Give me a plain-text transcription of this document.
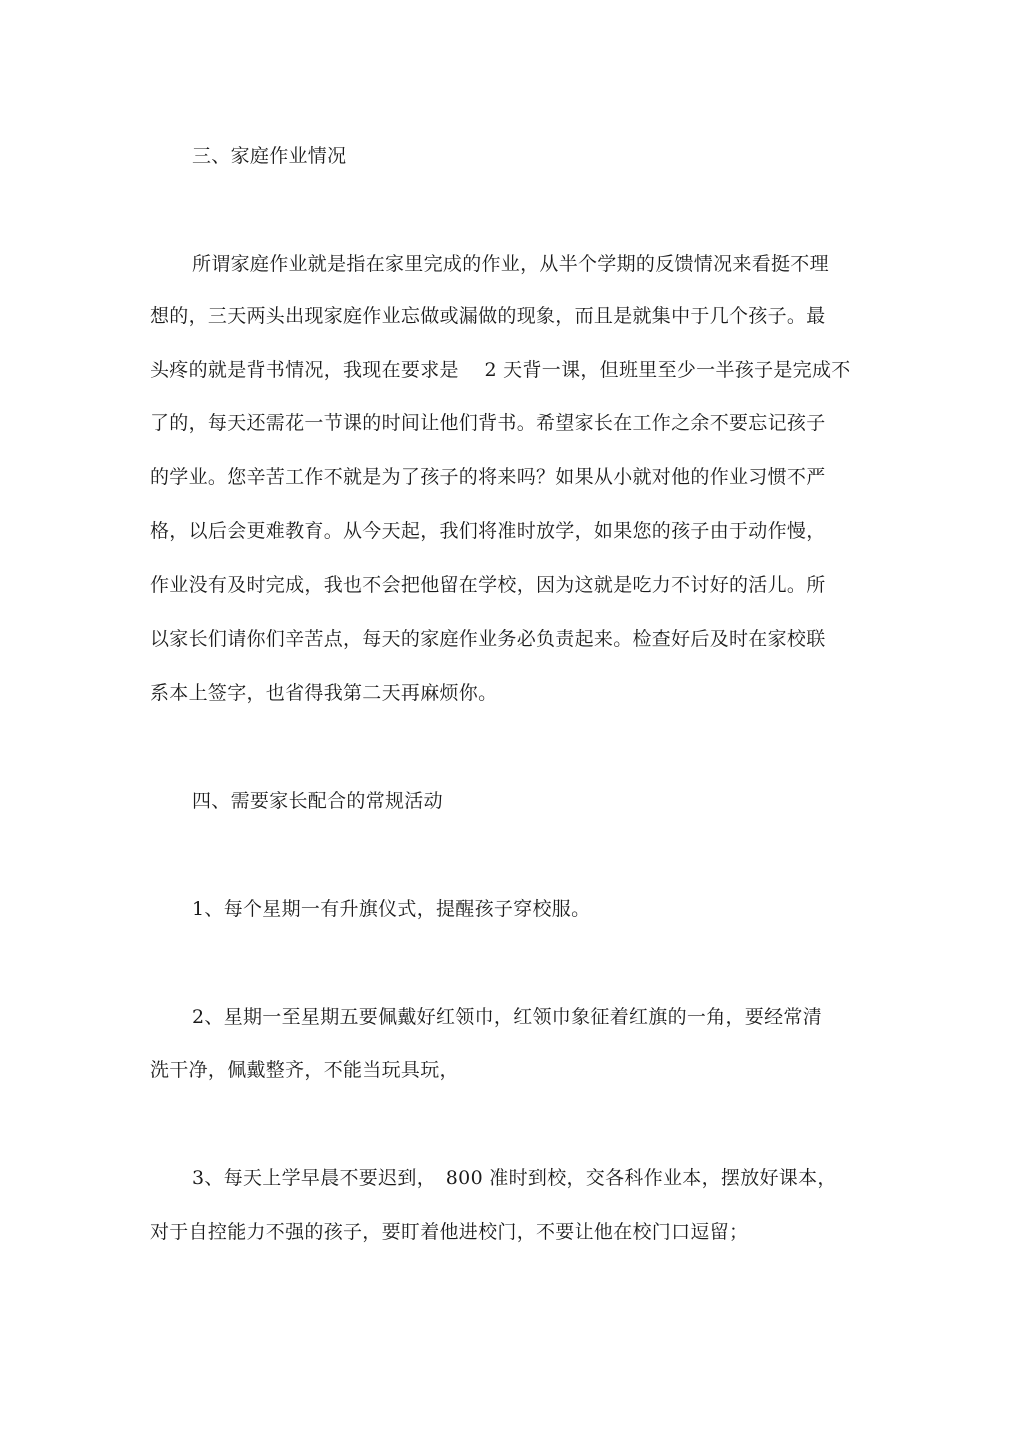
三、家庭作业情况
所谓家庭作业就是指在家里完成的作业，从半个学期的反馈情况来看挺不理
想的，三天两头出现家庭作业忘做或漏做的现象，而且是就集中于几个孩子。最
头疼的就是背书情况，我现在要求是　 2 天背一课，但班里至少一半孩子是完成不
了的，每天还需花一节课的时间让他们背书。希望家长在工作之余不要忘记孩子
的学业。您辛苦工作不就是为了孩子的将来吗？如果从小就对他的作业习惯不严
格，以后会更难教育。从今天起，我们将准时放学，如果您的孩子由于动作慢，
作业没有及时完成，我也不会把他留在学校，因为这就是吃力不讨好的活儿。所
以家长们请你们辛苦点，每天的家庭作业务必负责起来。检查好后及时在家校联
系本上签字，也省得我第二天再麻烦你。
四、需要家长配合的常规活动
1、每个星期一有升旗仪式，提醒孩子穿校服。
2、星期一至星期五要佩戴好红领巾，红领巾象征着红旗的一角，要经常清
洗干净，佩戴整齐，不能当玩具玩，
3、每天上学早晨不要迟到，　800 准时到校，交各科作业本，摆放好课本，
对于自控能力不强的孩子，要盯着他进校门，不要让他在校门口逗留；
